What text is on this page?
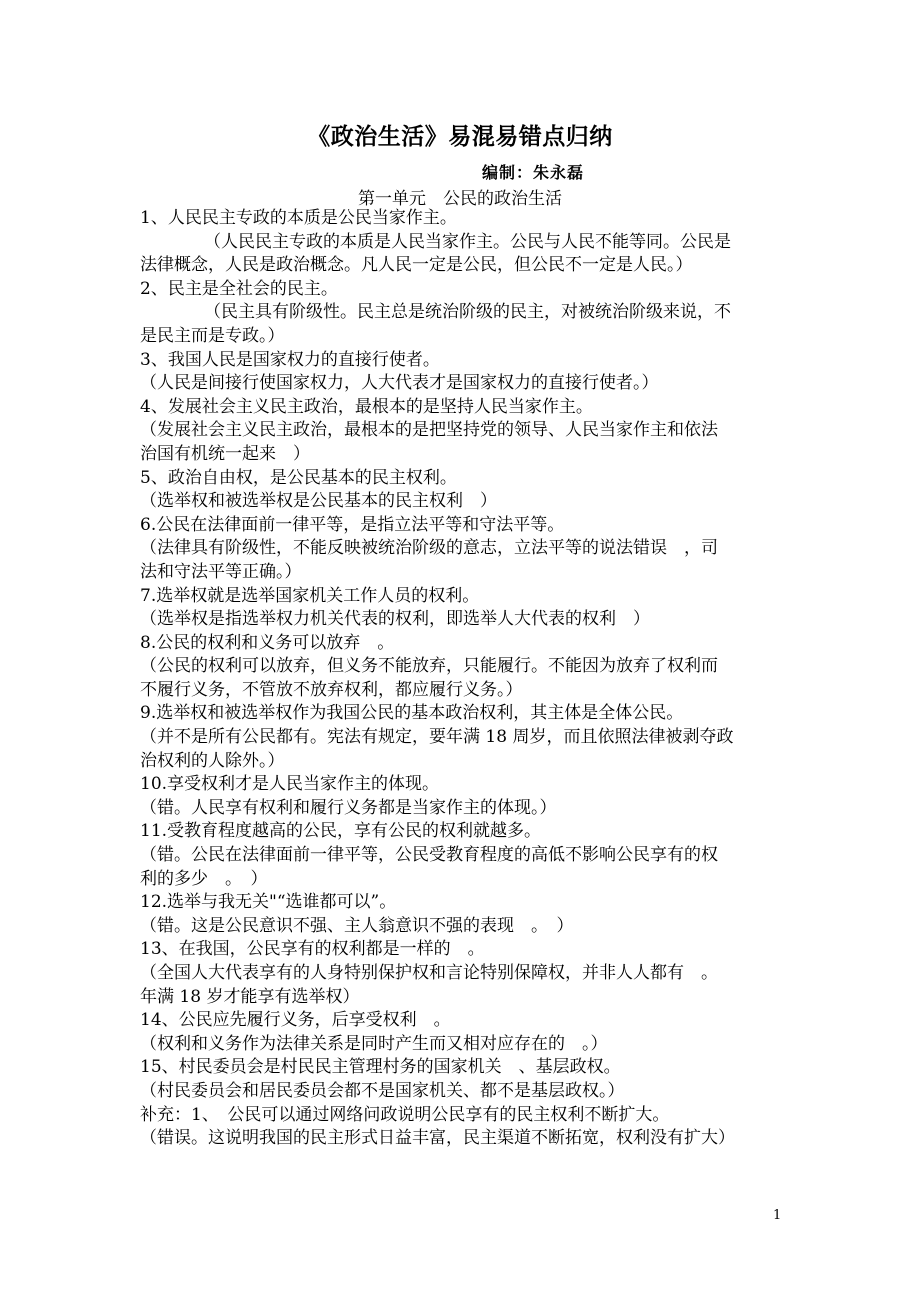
《政治生活》易混易错点归纳
编制：朱永磊
第一单元　公民的政治生活
1、人民民主专政的本质是公民当家作主。
（人民民主专政的本质是人民当家作主。公民与人民不能等同。公民是
法律概念，人民是政治概念。凡人民一定是公民，但公民不一定是人民。）
2、民主是全社会的民主。
（民主具有阶级性。民主总是统治阶级的民主，对被统治阶级来说，不
是民主而是专政。）
3、我国人民是国家权力的直接行使者。
（人民是间接行使国家权力，人大代表才是国家权力的直接行使者。）
4、发展社会主义民主政治，最根本的是坚持人民当家作主。
（发展社会主义民主政治，最根本的是把坚持党的领导、人民当家作主和依法
治国有机统一起来　）
5、政治自由权，是公民基本的民主权利。
（选举权和被选举权是公民基本的民主权利　）
6.公民在法律面前一律平等，是指立法平等和守法平等。
（法律具有阶级性，不能反映被统治阶级的意志，立法平等的说法错误　，司
法和守法平等正确。）
7.选举权就是选举国家机关工作人员的权利。
（选举权是指选举权力机关代表的权利，即选举人大代表的权利　）
8.公民的权利和义务可以放弃　。
（公民的权利可以放弃，但义务不能放弃，只能履行。不能因为放弃了权利而
不履行义务，不管放不放弃权利，都应履行义务。）
9.选举权和被选举权作为我国公民的基本政治权利，其主体是全体公民。
（并不是所有公民都有。宪法有规定，要年满 18 周岁，而且依照法律被剥夺政
治权利的人除外。）
10.享受权利才是人民当家作主的体现。
（错。人民享有权利和履行义务都是当家作主的体现。）
11.受教育程度越高的公民，享有公民的权利就越多。
（错。公民在法律面前一律平等，公民受教育程度的高低不影响公民享有的权
利的多少　。　）
12.选举与我无关"“选谁都可以”。
（错。这是公民意识不强、主人翁意识不强的表现　。　）
13、在我国，公民享有的权利都是一样的　。
（全国人大代表享有的人身特别保护权和言论特别保障权，并非人人都有　。
年满 18 岁才能享有选举权）
14、公民应先履行义务，后享受权利　。
（权利和义务作为法律关系是同时产生而又相对应存在的　。）
15、村民委员会是村民民主管理村务的国家机关　、基层政权。
（村民委员会和居民委员会都不是国家机关、都不是基层政权。）
补充：1、　公民可以通过网络问政说明公民享有的民主权利不断扩大。
（错误。这说明我国的民主形式日益丰富，民主渠道不断拓宽，权利没有扩大）
1
